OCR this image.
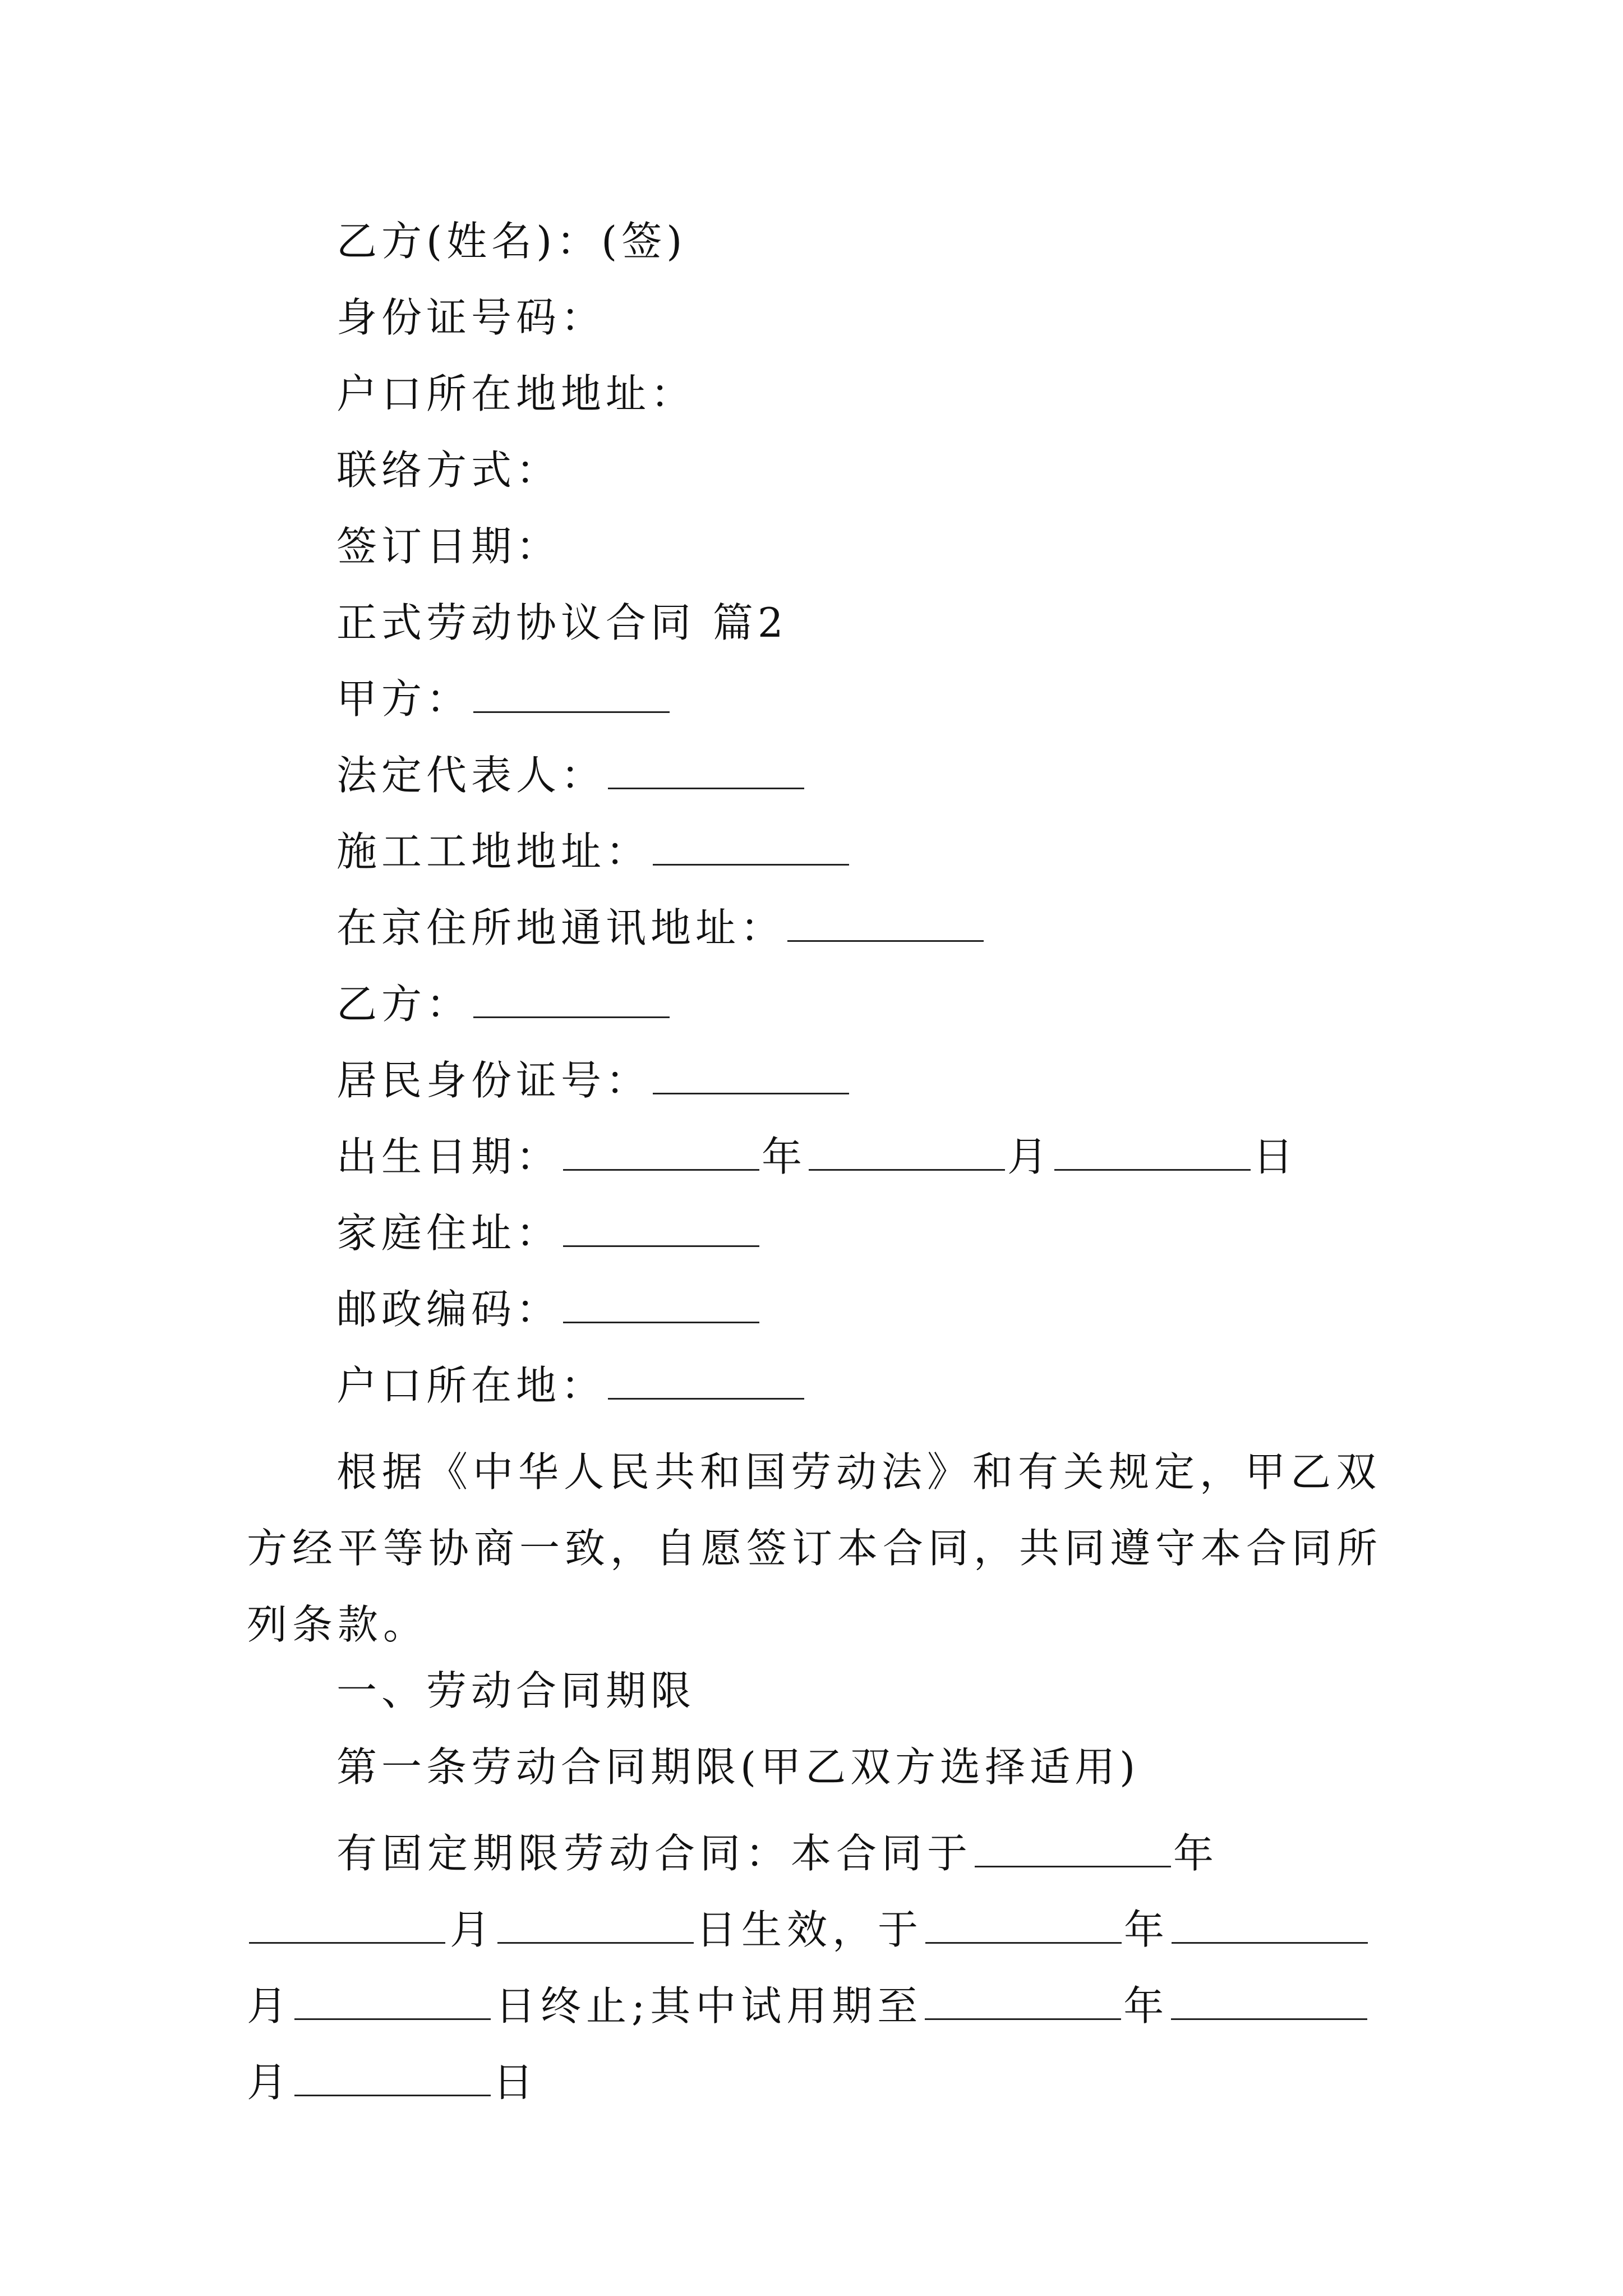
乙方(姓名)：(签)
身份证号码：
户口所在地地址：
联络方式：
签订日期：
正式劳动协议合同 篇2
甲方：
法定代表人：
施工工地地址：
在京住所地通讯地址：
乙方：
居民身份证号：
出生日期：	年	月	日
家庭住址：
邮政编码：
户口所在地：
根据《中华人民共和国劳动法》和有关规定，甲乙双方经平等协商一致，自愿签订本合同，共同遵守本合同所列条款。
一、劳动合同期限
第一条劳动合同期限(甲乙双方选择适用)
有固定期限劳动合同：本合同于	年月	日生效，于	年月	日终止;其中试用期至	年月	日
